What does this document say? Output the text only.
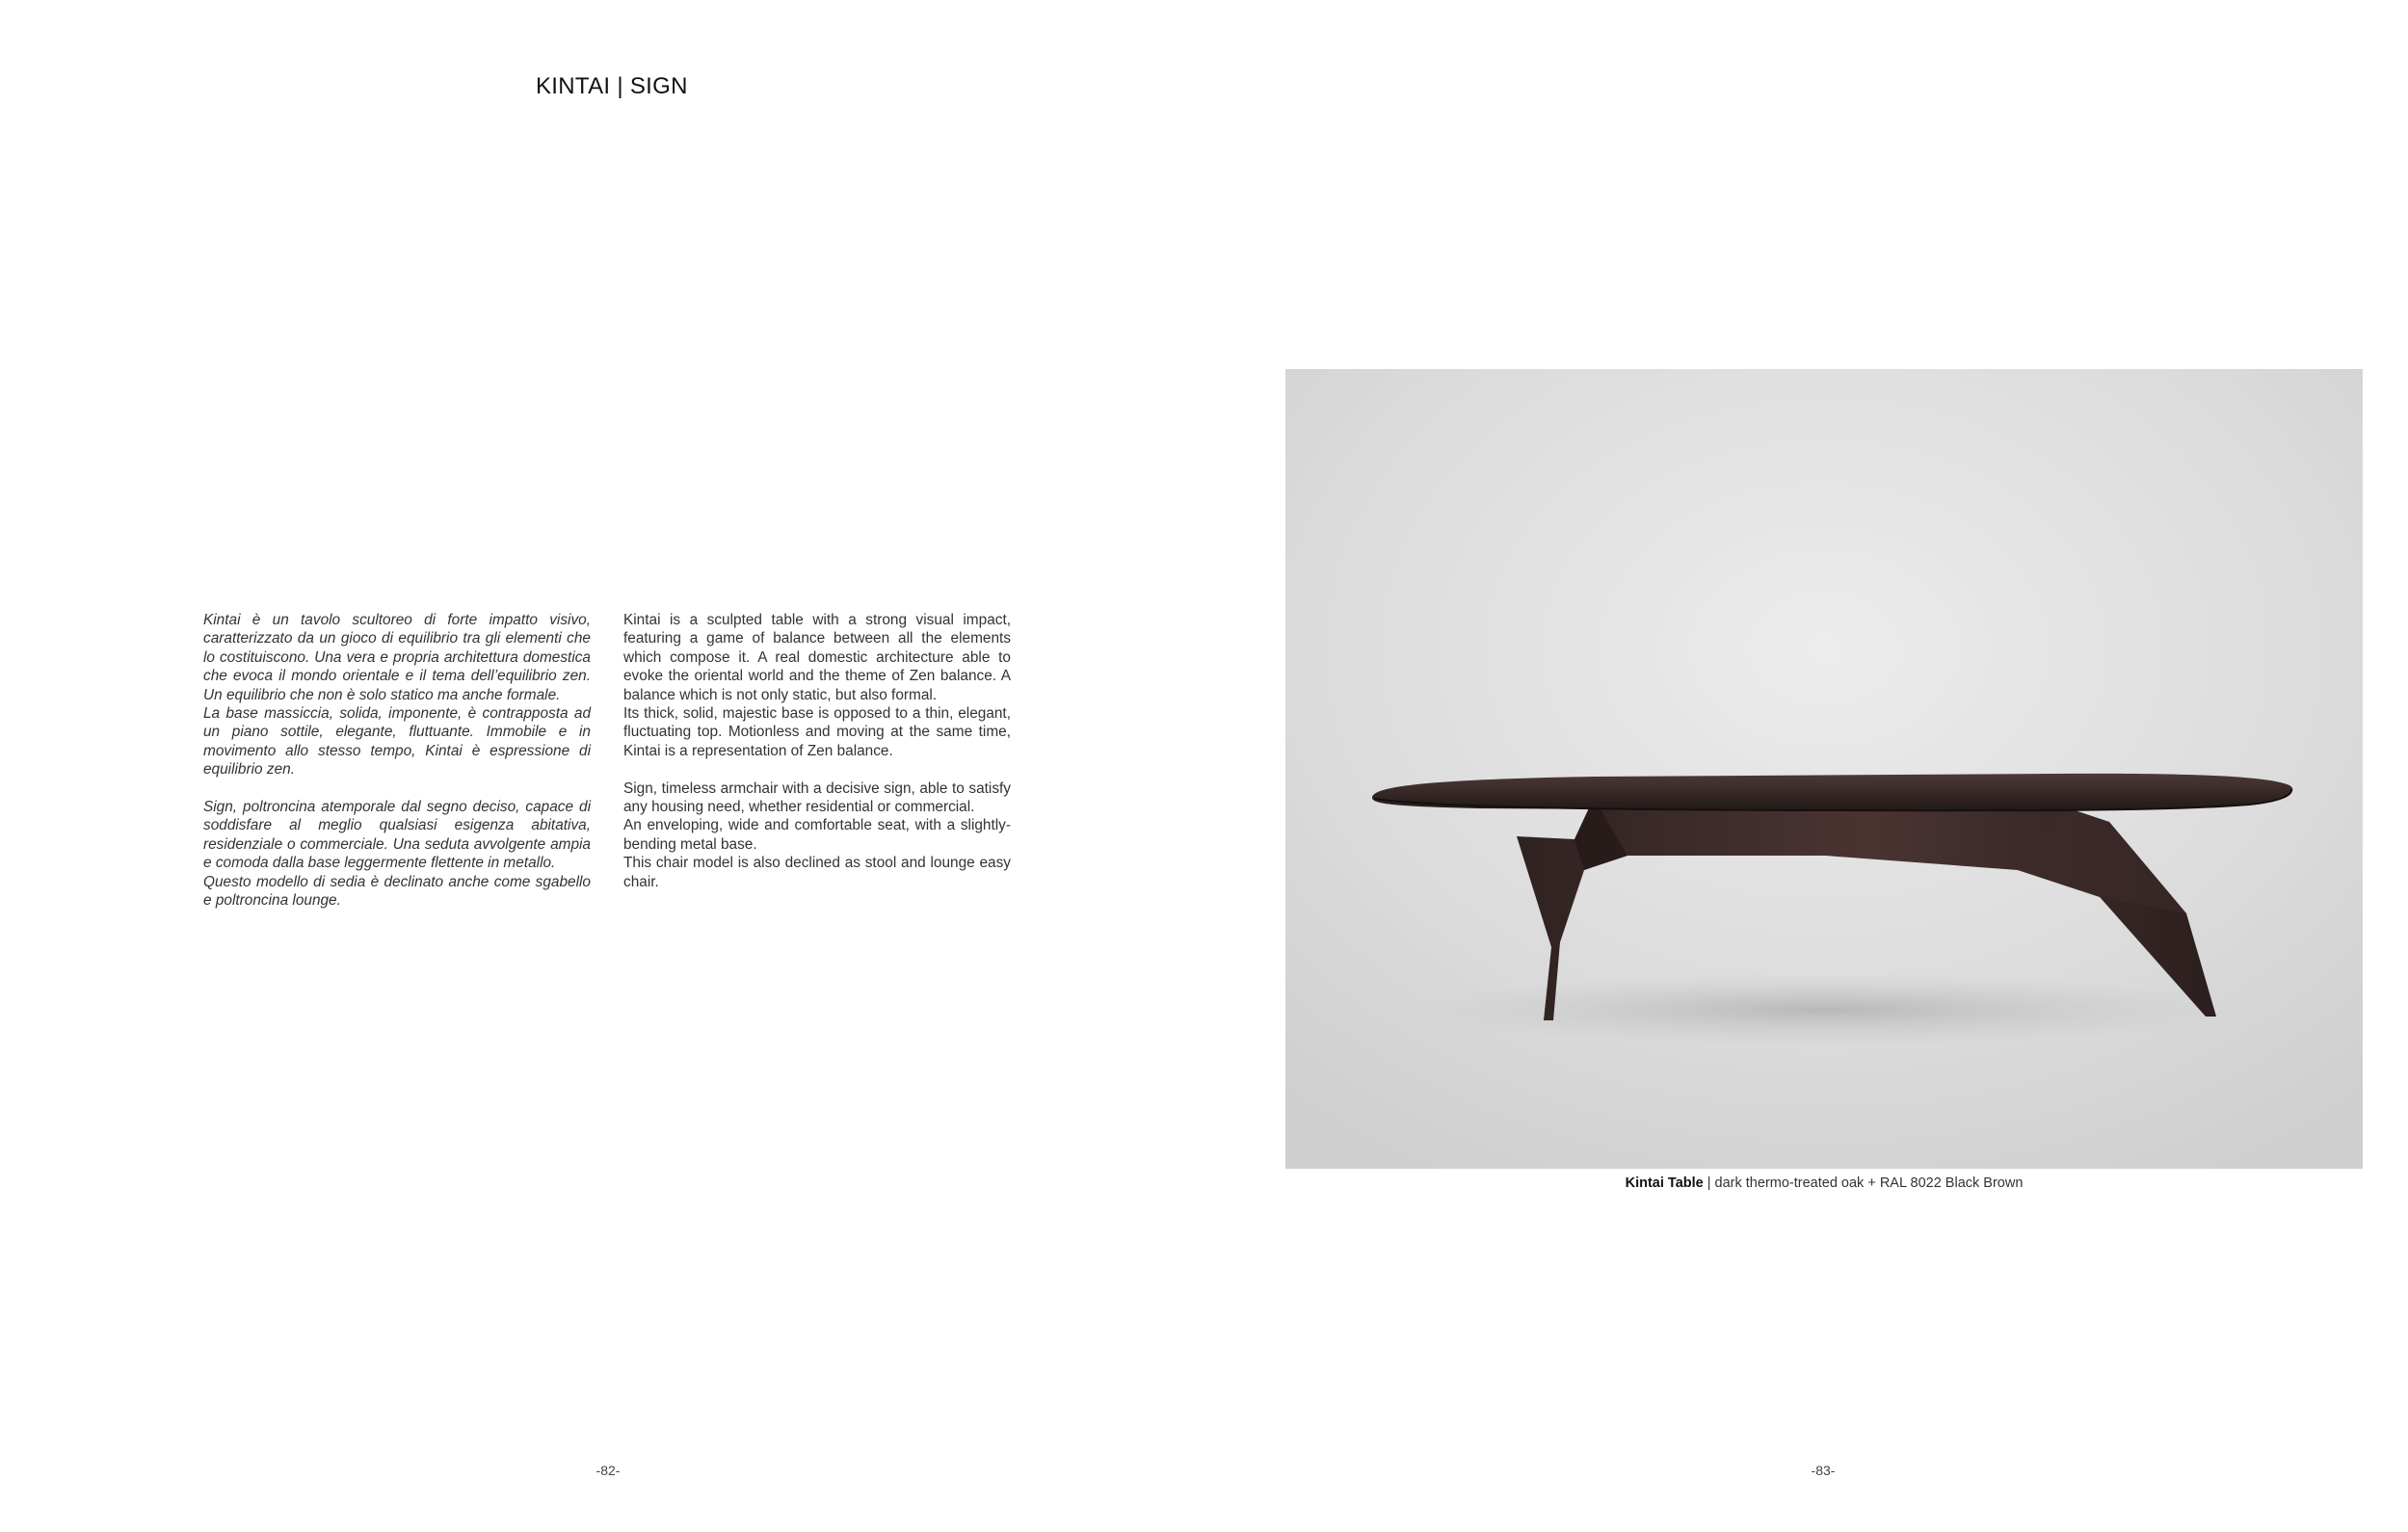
KINTAI | SIGN

Kintai è un tavolo scultoreo di forte impatto visivo, caratterizzato da un gioco di equilibrio tra gli elementi che lo costituiscono. Una vera e propria architettura domestica che evoca il mondo orientale e il tema dell’equilibrio zen. Un equilibrio che non è solo statico ma anche formale.

La base massiccia, solida, imponente, è contrapposta ad un piano sottile, elegante, fluttuante. Immobile e in movimento allo stesso tempo, Kintai è espressione di equilibrio zen.

Sign, poltroncina atemporale dal segno deciso, capace di soddisfare al meglio qualsiasi esigenza abitativa, residenziale o commerciale. Una seduta avvolgente ampia e comoda dalla base leggermente flettente in metallo.

Questo modello di sedia è declinato anche come sgabello e poltroncina lounge.

Kintai is a sculpted table with a strong visual impact, featuring a game of balance between all the elements which compose it. A real domestic architecture able to evoke the oriental world and the theme of Zen balance. A balance which is not only static, but also formal.

Its thick, solid, majestic base is opposed to a thin, elegant, fluctuating top. Motionless and moving at the same time, Kintai is a representation of Zen balance.

Sign, timeless armchair with a decisive sign, able to satisfy any housing need, whether residential or commercial.

An enveloping, wide and comfortable seat, with a slightly-bending metal base.

This chair model is also declined as stool and lounge easy chair.

Kintai Table | dark thermo-treated oak + RAL 8022 Black Brown
-82-	-83-
